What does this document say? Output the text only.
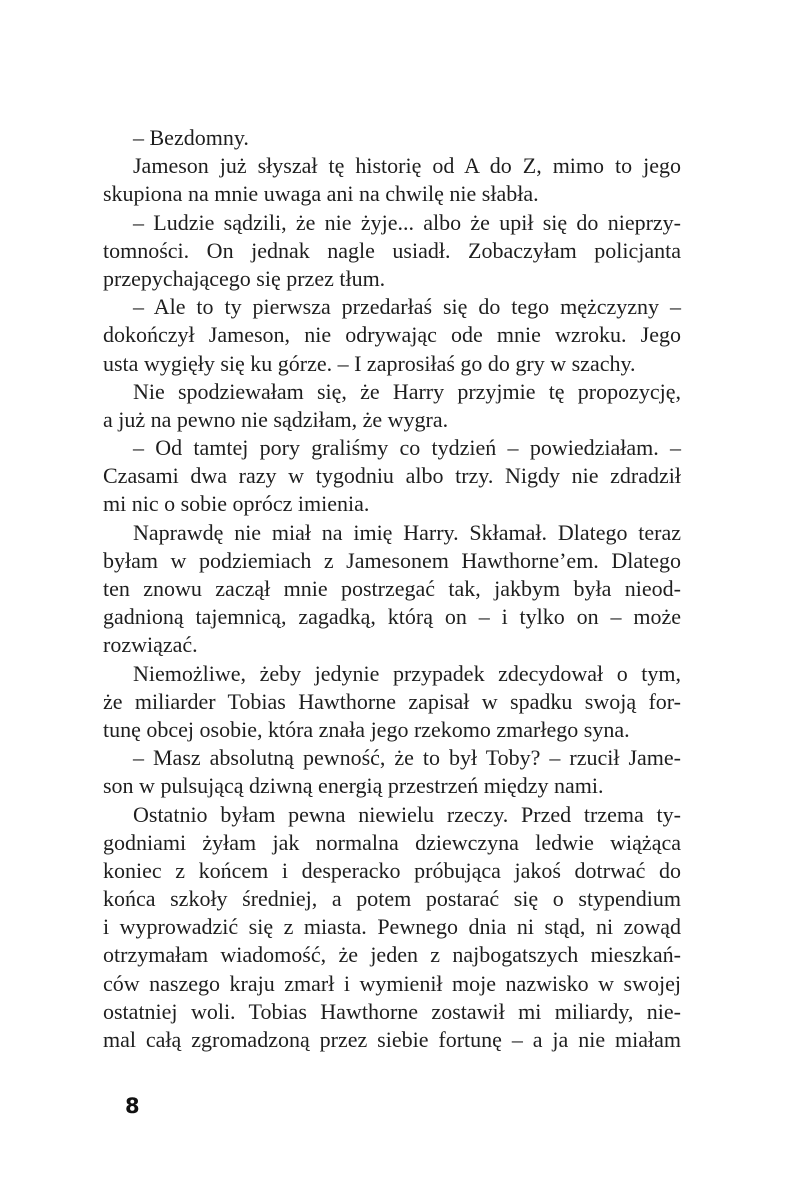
– Bezdomny.
Jameson już słyszał tę historię od A do Z, mimo to jego
skupiona na mnie uwaga ani na chwilę nie słabła.
– Ludzie sądzili, że nie żyje... albo że upił się do nieprzy-
tomności. On jednak nagle usiadł. Zobaczyłam policjanta
przepychającego się przez tłum.
– Ale to ty pierwsza przedarłaś się do tego mężczyzny –
dokończył Jameson, nie odrywając ode mnie wzroku. Jego
usta wygięły się ku górze. – I zaprosiłaś go do gry w szachy.
Nie spodziewałam się, że Harry przyjmie tę propozycję,
a już na pewno nie sądziłam, że wygra.
– Od tamtej pory graliśmy co tydzień – powiedziałam. –
Czasami dwa razy w tygodniu albo trzy. Nigdy nie zdradził
mi nic o sobie oprócz imienia.
Naprawdę nie miał na imię Harry. Skłamał. Dlatego teraz
byłam w podziemiach z Jamesonem Hawthorne’em. Dlatego
ten znowu zaczął mnie postrzegać tak, jakbym była nieod-
gadnioną tajemnicą, zagadką, którą on – i tylko on – może
rozwiązać.
Niemożliwe, żeby jedynie przypadek zdecydował o tym,
że miliarder Tobias Hawthorne zapisał w spadku swoją for-
tunę obcej osobie, która znała jego rzekomo zmarłego syna.
– Masz absolutną pewność, że to był Toby? – rzucił Jame-
son w pulsującą dziwną energią przestrzeń między nami.
Ostatnio byłam pewna niewielu rzeczy. Przed trzema ty-
godniami żyłam jak normalna dziewczyna ledwie wiążąca
koniec z końcem i desperacko próbująca jakoś dotrwać do
końca szkoły średniej, a potem postarać się o stypendium
i wyprowadzić się z miasta. Pewnego dnia ni stąd, ni zowąd
otrzymałam wiadomość, że jeden z najbogatszych mieszkań-
ców naszego kraju zmarł i wymienił moje nazwisko w swojej
ostatniej woli. Tobias Hawthorne zostawił mi miliardy, nie-
mal całą zgromadzoną przez siebie fortunę – a ja nie miałam
8
